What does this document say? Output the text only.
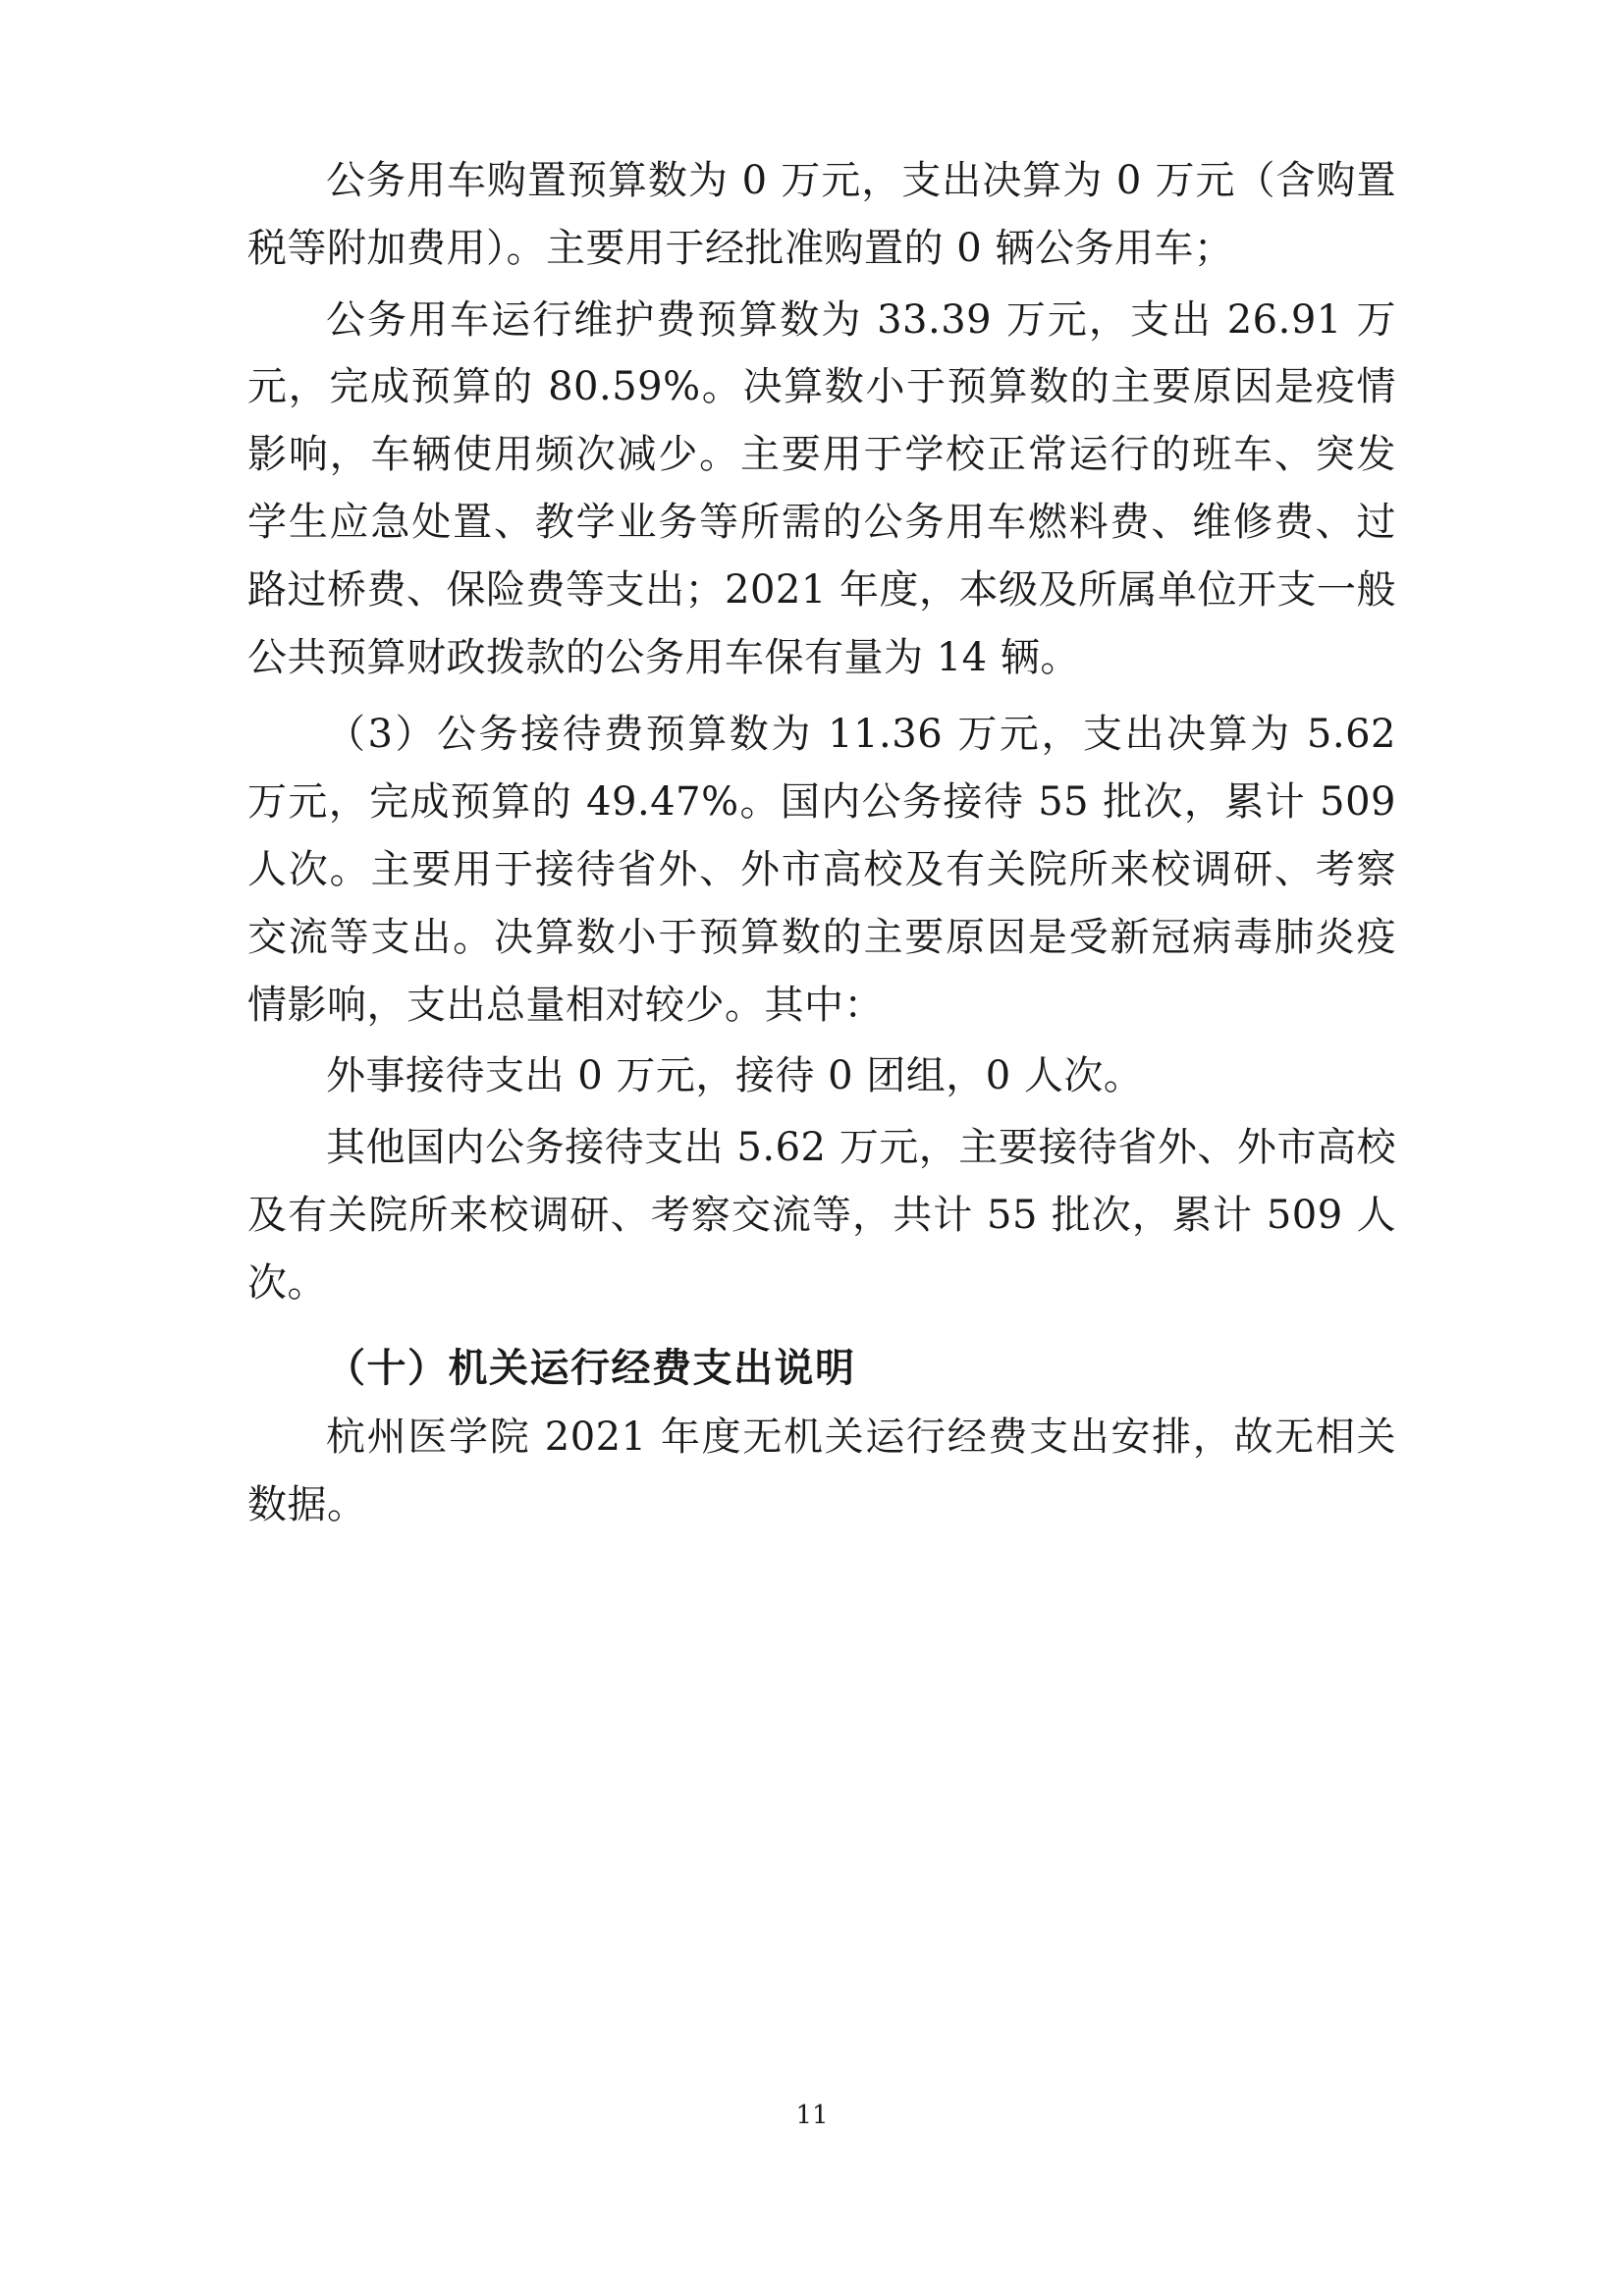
公务用车购置预算数为 0 万元，支出决算为 0 万元（含购置税等附加费用）。主要用于经批准购置的 0 辆公务用车；

公务用车运行维护费预算数为 33.39 万元，支出 26.91 万元，完成预算的 80.59%。决算数小于预算数的主要原因是疫情影响，车辆使用频次减少。主要用于学校正常运行的班车、突发学生应急处置、教学业务等所需的公务用车燃料费、维修费、过路过桥费、保险费等支出；2021 年度，本级及所属单位开支一般公共预算财政拨款的公务用车保有量为 14 辆。

（3）公务接待费预算数为 11.36 万元，支出决算为 5.62 万元，完成预算的 49.47%。国内公务接待 55 批次，累计 509 人次。主要用于接待省外、外市高校及有关院所来校调研、考察交流等支出。决算数小于预算数的主要原因是受新冠病毒肺炎疫情影响，支出总量相对较少。其中：

外事接待支出 0 万元，接待 0 团组，0 人次。

其他国内公务接待支出 5.62 万元，主要接待省外、外市高校及有关院所来校调研、考察交流等，共计 55 批次，累计 509 人次。

（十）机关运行经费支出说明

杭州医学院 2021 年度无机关运行经费支出安排，故无相关数据。

11
